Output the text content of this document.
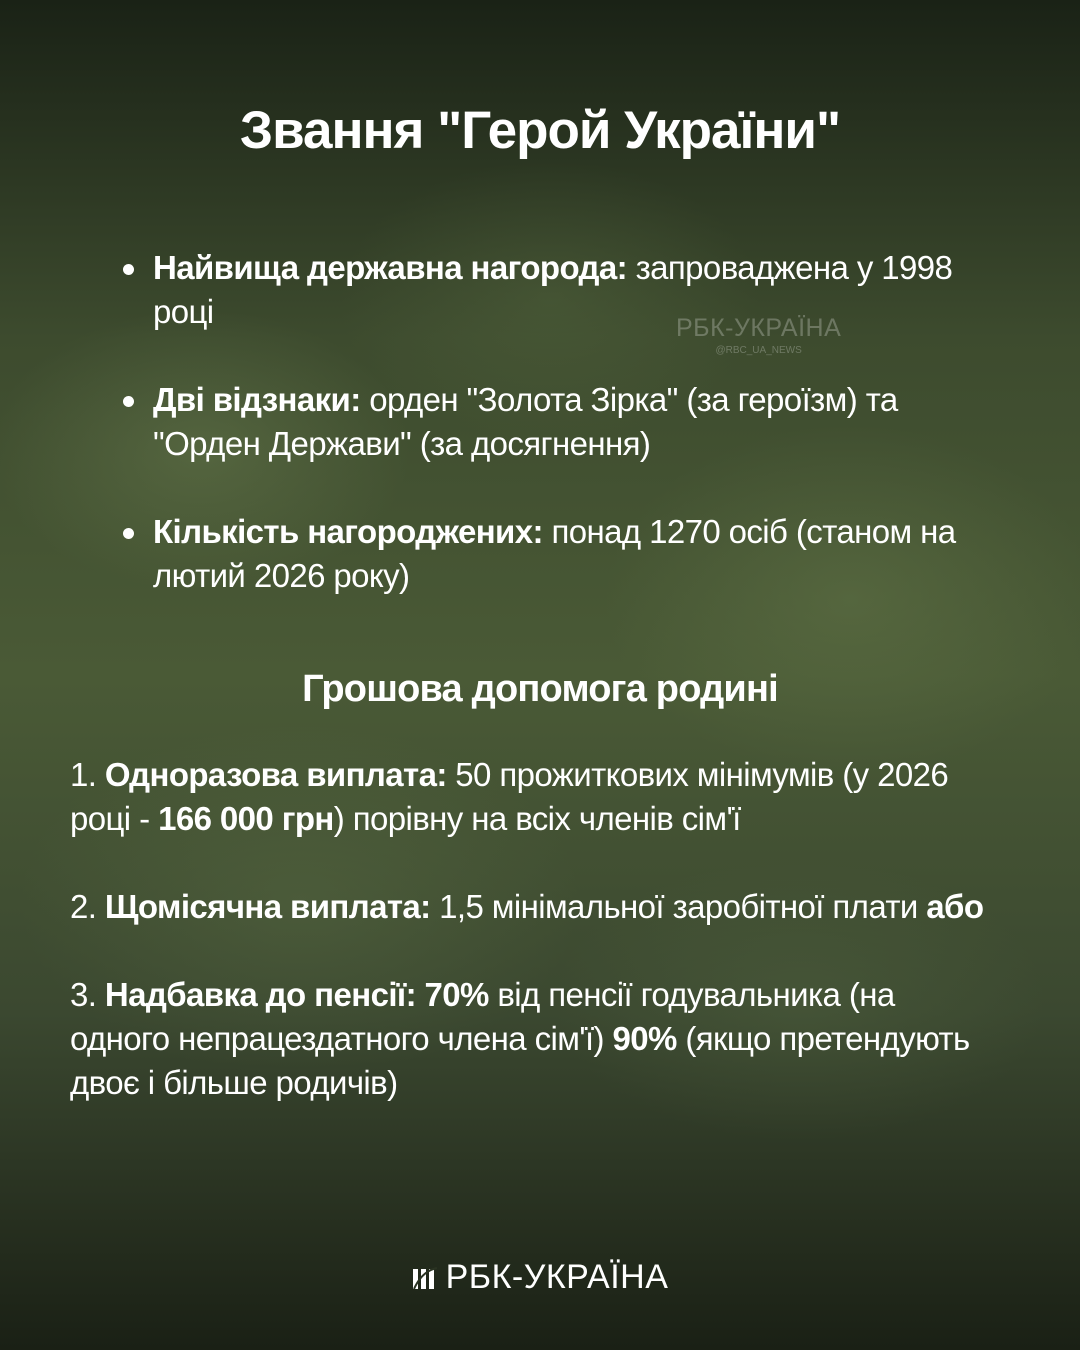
Звання "Герой України"
Найвища державна нагорода: запроваджена у 1998 році
Дві відзнаки: орден "Золота Зірка" (за героїзм) та "Орден Держави" (за досягнення)
Кількість нагороджених: понад 1270 осіб (станом на лютий 2026 року)
РБК-УКРАЇНА
@RBC_UA_NEWS
Грошова допомога родині

1. Одноразова виплата: 50 прожиткових мінімумів (у 2026 році - 166 000 грн) порівну на всіх членів сім'ї

2. Щомісячна виплата: 1,5 мінімальної заробітної плати або

3. Надбавка до пенсії: 70% від пенсії годувальника (на одного непрацездатного члена сім'ї) 90% (якщо претендують двоє і більше родичів)

РБК-УКРАЇНА
